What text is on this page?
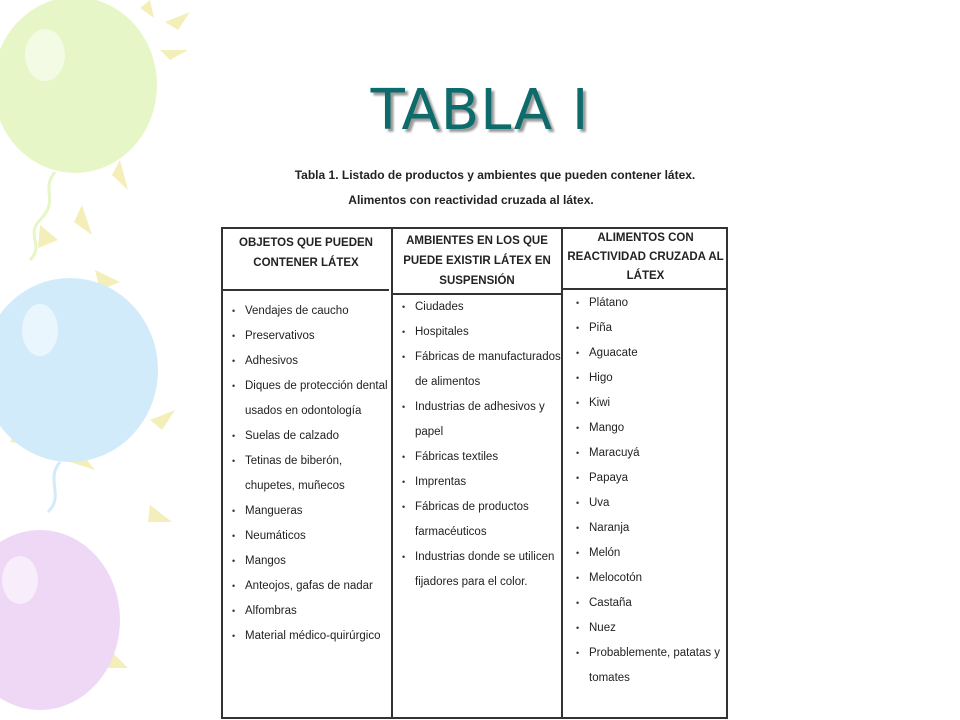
TABLA I
Tabla 1. Listado de productos y ambientes que pueden contener látex.
Alimentos con reactividad cruzada al látex.
OBJETOS QUE PUEDEN
CONTENER LÁTEX
• Vendajes de caucho
• Preservativos
• Adhesivos
• Diques de protección dental
usados en odontología
• Suelas de calzado
• Tetinas de biberón,
chupetes, muñecos
• Mangueras
• Neumáticos
• Mangos
• Anteojos, gafas de nadar
• Alfombras
• Material médico-quirúrgico
AMBIENTES EN LOS QUE
PUEDE EXISTIR LÁTEX EN
SUSPENSIÓN
• Ciudades
• Hospitales
• Fábricas de manufacturados
de alimentos
• Industrias de adhesivos y
papel
• Fábricas textiles
• Imprentas
• Fábricas de productos
farmacéuticos
• Industrias donde se utilicen
fijadores para el color.
ALIMENTOS CON
REACTIVIDAD CRUZADA AL
LÁTEX
• Plátano
• Piña
• Aguacate
• Higo
• Kiwi
• Mango
• Maracuyá
• Papaya
• Uva
• Naranja
• Melón
• Melocotón
• Castaña
• Nuez
• Probablemente, patatas y
tomates
